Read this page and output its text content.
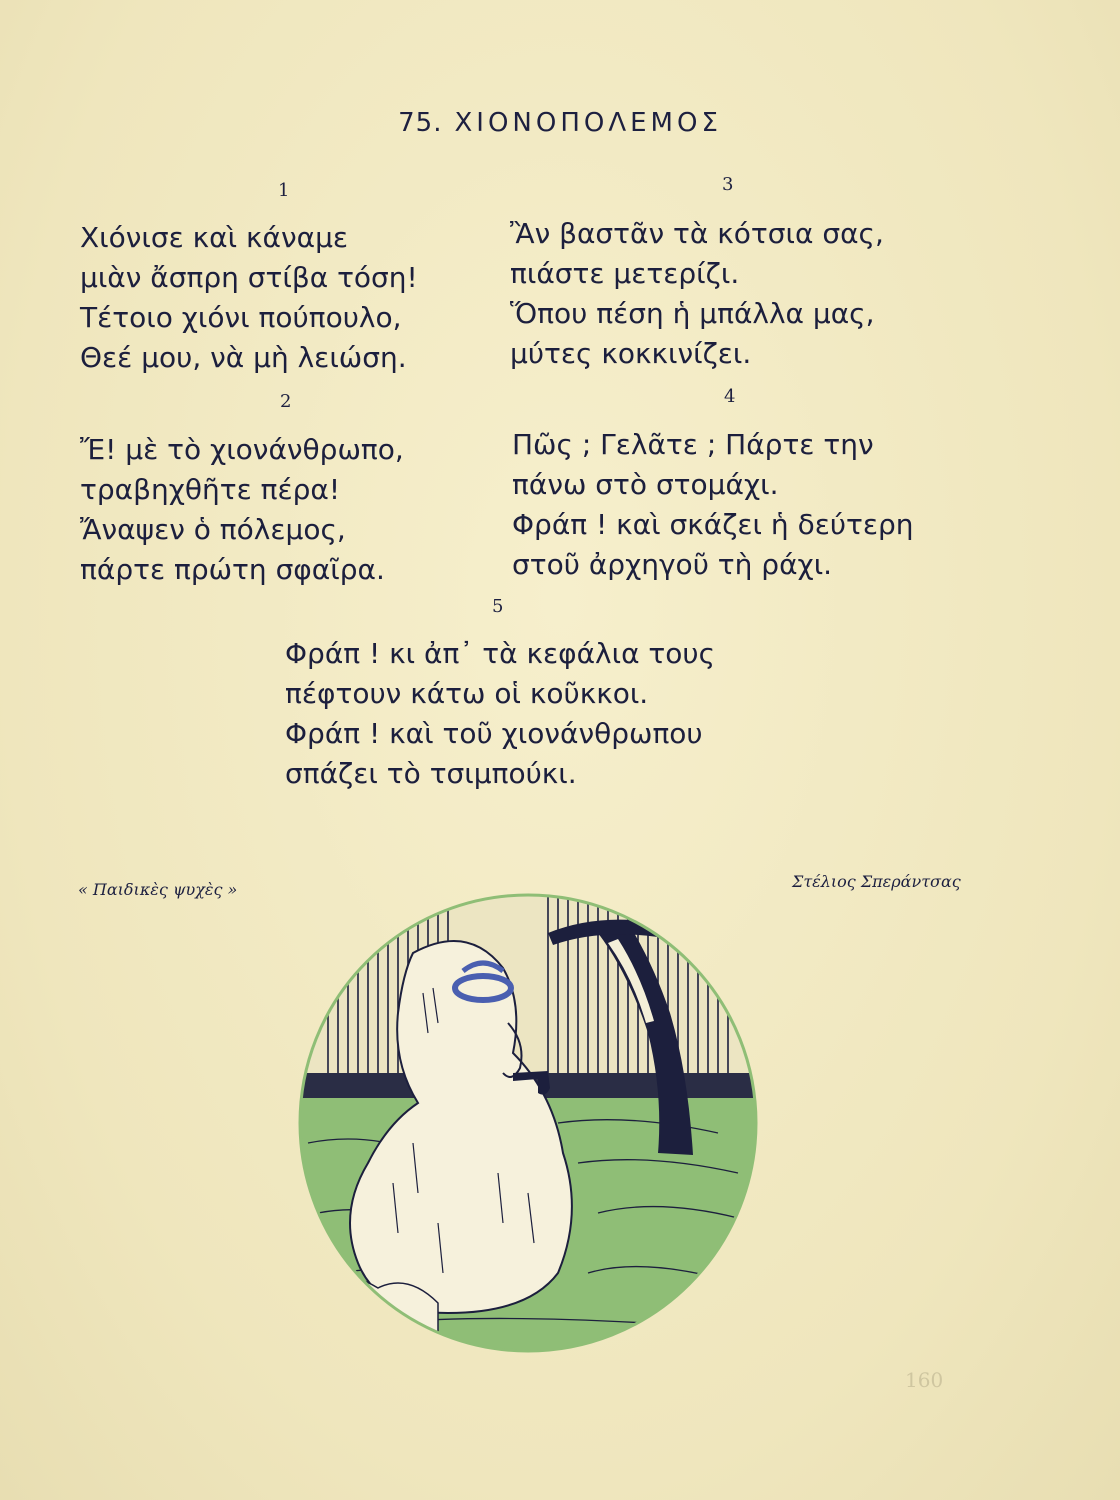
75. ΧΙΟΝΟΠΟΛΕΜΟΣ
1
Χιόνισε καὶ κάναμε
μιὰν ἄσπρη στίβα τόση!
Τέτοιο χιόνι πούπουλο,
Θεέ μου, νὰ μὴ λειώση.
2
Ἔ! μὲ τὸ χιονάνθρωπο,
τραβηχθῆτε πέρα!
Ἄναψεν ὁ πόλεμος,
πάρτε πρώτη σφαῖρα.
3
Ἂν βαστᾶν τὰ κότσια σας,
πιάστε μετερίζι.
Ὅπου πέση ἡ μπάλλα μας,
μύτες κοκκινίζει.
4
Πῶς ; Γελᾶτε ; Πάρτε την
πάνω στὸ στομάχι.
Φράπ ! καὶ σκάζει ἡ δεύτερη
στοῦ ἀρχηγοῦ τὴ ράχι.
5
Φράπ ! κι ἀπ᾽ τὰ κεφάλια τους
πέφτουν κάτω οἱ κοῦκκοι.
Φράπ ! καὶ τοῦ χιονάνθρωπου
σπάζει τὸ τσιμπούκι.
« Παιδικὲς ψυχὲς »	Στέλιος Σπεράντσας
160
